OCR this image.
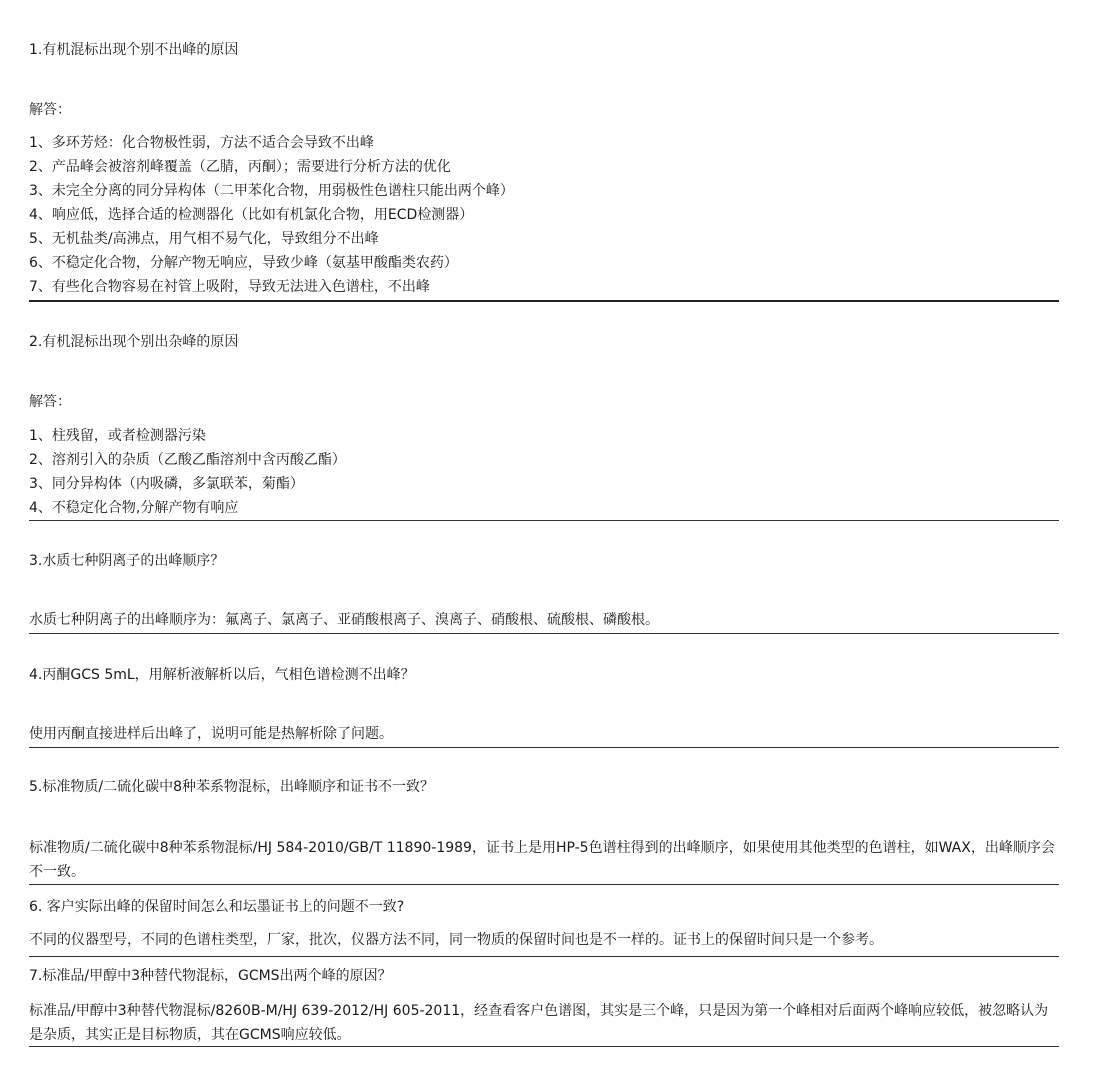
1.有机混标出现个别不出峰的原因
解答：
1、多环芳烃：化合物极性弱，方法不适合会导致不出峰
2、产品峰会被溶剂峰覆盖（乙腈，丙酮）；需要进行分析方法的优化
3、未完全分离的同分异构体（二甲苯化合物，用弱极性色谱柱只能出两个峰）
4、响应低，选择合适的检测器化（比如有机氯化合物，用ECD检测器）
5、无机盐类/高沸点，用气相不易气化，导致组分不出峰
6、不稳定化合物，分解产物无响应，导致少峰（氨基甲酸酯类农药）
7、有些化合物容易在衬管上吸附，导致无法进入色谱柱，不出峰
2.有机混标出现个别出杂峰的原因
解答：
1、柱残留，或者检测器污染
2、溶剂引入的杂质（乙酸乙酯溶剂中含丙酸乙酯）
3、同分异构体（内吸磷，多氯联苯，菊酯）
4、不稳定化合物,分解产物有响应
3.水质七种阴离子的出峰顺序？
水质七种阴离子的出峰顺序为：氟离子、氯离子、亚硝酸根离子、溴离子、硝酸根、硫酸根、磷酸根。
4.丙酮GCS 5mL，用解析液解析以后，气相色谱检测不出峰？
使用丙酮直接进样后出峰了，说明可能是热解析除了问题。
5.标准物质/二硫化碳中8种苯系物混标，出峰顺序和证书不一致？
标准物质/二硫化碳中8种苯系物混标/HJ 584-2010/GB/T 11890-1989，证书上是用HP-5色谱柱得到的出峰顺序，如果使用其他类型的色谱柱，如WAX，出峰顺序会不一致。
6. 客户实际出峰的保留时间怎么和坛墨证书上的问题不一致?
不同的仪器型号，不同的色谱柱类型，厂家，批次，仪器方法不同，同一物质的保留时间也是不一样的。证书上的保留时间只是一个参考。
7.标准品/甲醇中3种替代物混标，GCMS出两个峰的原因？
标准品/甲醇中3种替代物混标/8260B-M/HJ 639-2012/HJ 605-2011，经查看客户色谱图，其实是三个峰，只是因为第一个峰相对后面两个峰响应较低，被忽略认为是杂质，其实正是目标物质，其在GCMS响应较低。
